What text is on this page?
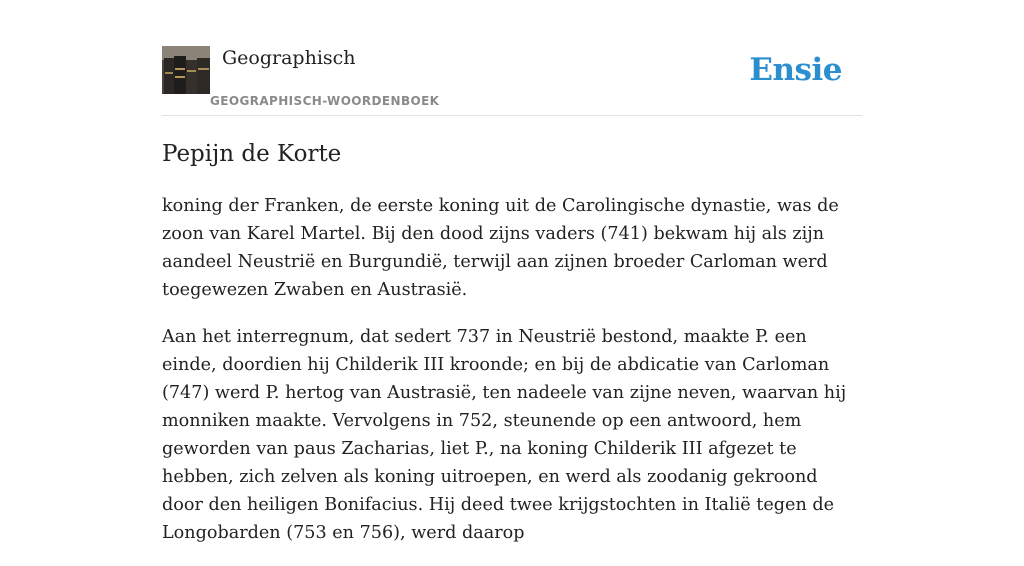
Geographisch
GEOGRAPHISCH-WOORDENBOEK
Ensie
Pepijn de Korte

koning der Franken, de eerste koning uit de Carolingische dynastie, was de zoon van Karel Martel. Bij den dood zijns vaders (741) bekwam hij als zijn aandeel Neustrië en Burgundië, terwijl aan zijnen broeder Carloman werd toegewezen Zwaben en Austrasië.

Aan het interregnum, dat sedert 737 in Neustrië bestond, maakte P. een einde, doordien hij Childerik III kroonde; en bij de abdicatie van Carloman (747) werd P. hertog van Austrasië, ten nadeele van zijne neven, waarvan hij monniken maakte. Vervolgens in 752, steunende op een antwoord, hem geworden van paus Zacharias, liet P., na koning Childerik III afgezet te hebben, zich zelven als koning uitroepen, en werd als zoodanig gekroond door den heiligen Bonifacius. Hij deed twee krijgstochten in Italië tegen de Longobarden (753 en 756), werd daarop
